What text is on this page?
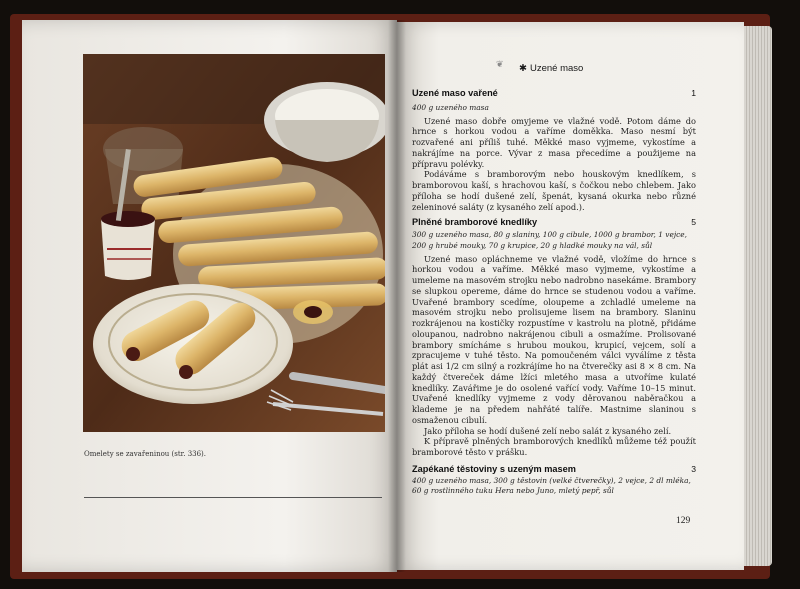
Omelety se zavařeninou (str. 336).
❦ ✱ Uzené maso
Uzené maso vařené	1
400 g uzeného masa
Uzené maso dobře omyjeme ve vlažné vodě. Potom dáme do hrnce s horkou vodou a vaříme doměkka. Maso nesmí být rozvařené ani příliš tuhé. Měkké maso vyjmeme, vykostíme a nakrájíme na porce. Vývar z masa přecedíme a použijeme na přípravu polévky.
Podáváme s bramborovým nebo houskovým knedlíkem, s bramborovou kaší, s hrachovou kaší, s čočkou nebo chlebem. Jako příloha se hodí dušené zelí, špenát, kysaná okurka nebo různé zeleninové saláty (z kysaného zelí apod.).
Plněné bramborové knedlíky	5
300 g uzeného masa, 80 g slaniny, 100 g cibule, 1000 g brambor, 1 vejce, 200 g hrubé mouky, 70 g krupice, 20 g hladké mouky na vál, sůl
Uzené maso opláchneme ve vlažné vodě, vložíme do hrnce s horkou vodou a vaříme. Měkké maso vyjmeme, vykostíme a umeleme na masovém strojku nebo nadrobno nasekáme. Brambory se slupkou opereme, dáme do hrnce se studenou vodou a vaříme. Uvařené brambory scedíme, oloupeme a zchladlé umeleme na masovém strojku nebo prolisujeme lisem na brambory. Slaninu rozkrájenou na kostičky rozpustíme v kastrolu na plotně, přidáme oloupanou, nadrobno nakrájenou cibuli a osmažíme. Prolisované brambory smícháme s hrubou moukou, krupicí, vejcem, solí a zpracujeme v tuhé těsto. Na pomoučeném válci vyválíme z těsta plát asi 1/2 cm silný a rozkrájíme ho na čtverečky asi 8 × 8 cm. Na každý čtvereček dáme lžíci mletého masa a utvoříme kulaté knedlíky. Zavářime je do osolené vařící vody. Vaříme 10–15 minut. Uvařené knedlíky vyjmeme z vody děrovanou naběračkou a klademe je na předem nahřáté talíře. Mastnime slaninou s osmaženou cibulí.
Jako příloha se hodí dušené zelí nebo salát z kysaného zelí.
K přípravě plněných bramborových knedlíků můžeme též použít bramborové těsto v prášku.
Zapékané těstoviny s uzeným masem	3
400 g uzeného masa, 300 g těstovin (velké čtverečky), 2 vejce, 2 dl mléka, 60 g rostlinného tuku Hera nebo Juno, mletý pepř, sůl
129
